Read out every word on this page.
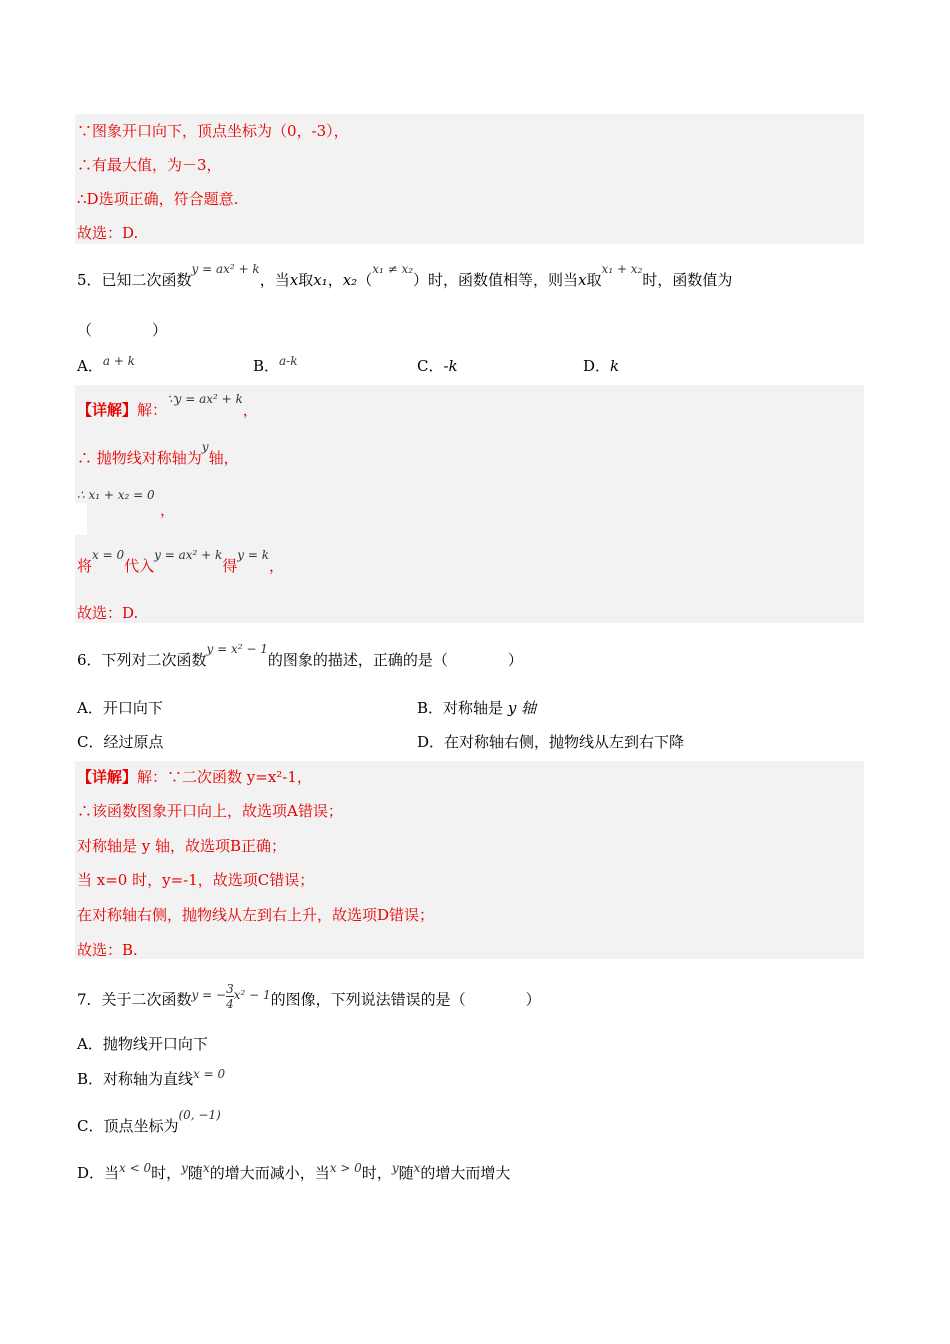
∵图象开口向下，顶点坐标为（0，-3），
∴有最大值，为－3，
∴D选项正确，符合题意.
故选：D.
5．已知二次函数$^{y = ax^2 + k}$，当x取x₁，x₂（$^{x_1 \ne x_2}$）时，函数值相等，则当x取$^{x_1 + x_2}$时，函数值为
（　　　　）
A．$^{a + k}$	B．$^{a-k}$	C．-k	D．k
【详解】解：$^{\because y = ax^2 + k}$，
∴ 抛物线对称轴为$^y$轴，
∴ x₁ + x₂ = 0
，
将$^{x = 0}$代入$^{y = ax^2 + k}$得$^{y = k}$，
故选：D.
6．下列对二次函数$^{y = x^2 - 1}$的图象的描述，正确的是（　　　　）
A．开口向下	B．对称轴是 y 轴
C．经过原点	D．在对称轴右侧，抛物线从左到右下降
【详解】解：∵二次函数 y=x²-1，
∴该函数图象开口向上，故选项A错误；
对称轴是 y 轴，故选项B正确；
当 x=0 时，y=-1，故选项C错误；
在对称轴右侧，抛物线从左到右上升，故选项D错误；
故选：B.
7．关于二次函数$^{y = -} \frac{3}{4} ^{x^2 - 1}$的图像，下列说法错误的是（　　　　）
A．抛物线开口向下
B．对称轴为直线$^{x = 0}$
C．顶点坐标为$^{(0, -1)}$
D．当$^{x < 0}$时，$^y$随$^x$的增大而减小，当$^{x > 0}$时，$^y$随$^x$的增大而增大
